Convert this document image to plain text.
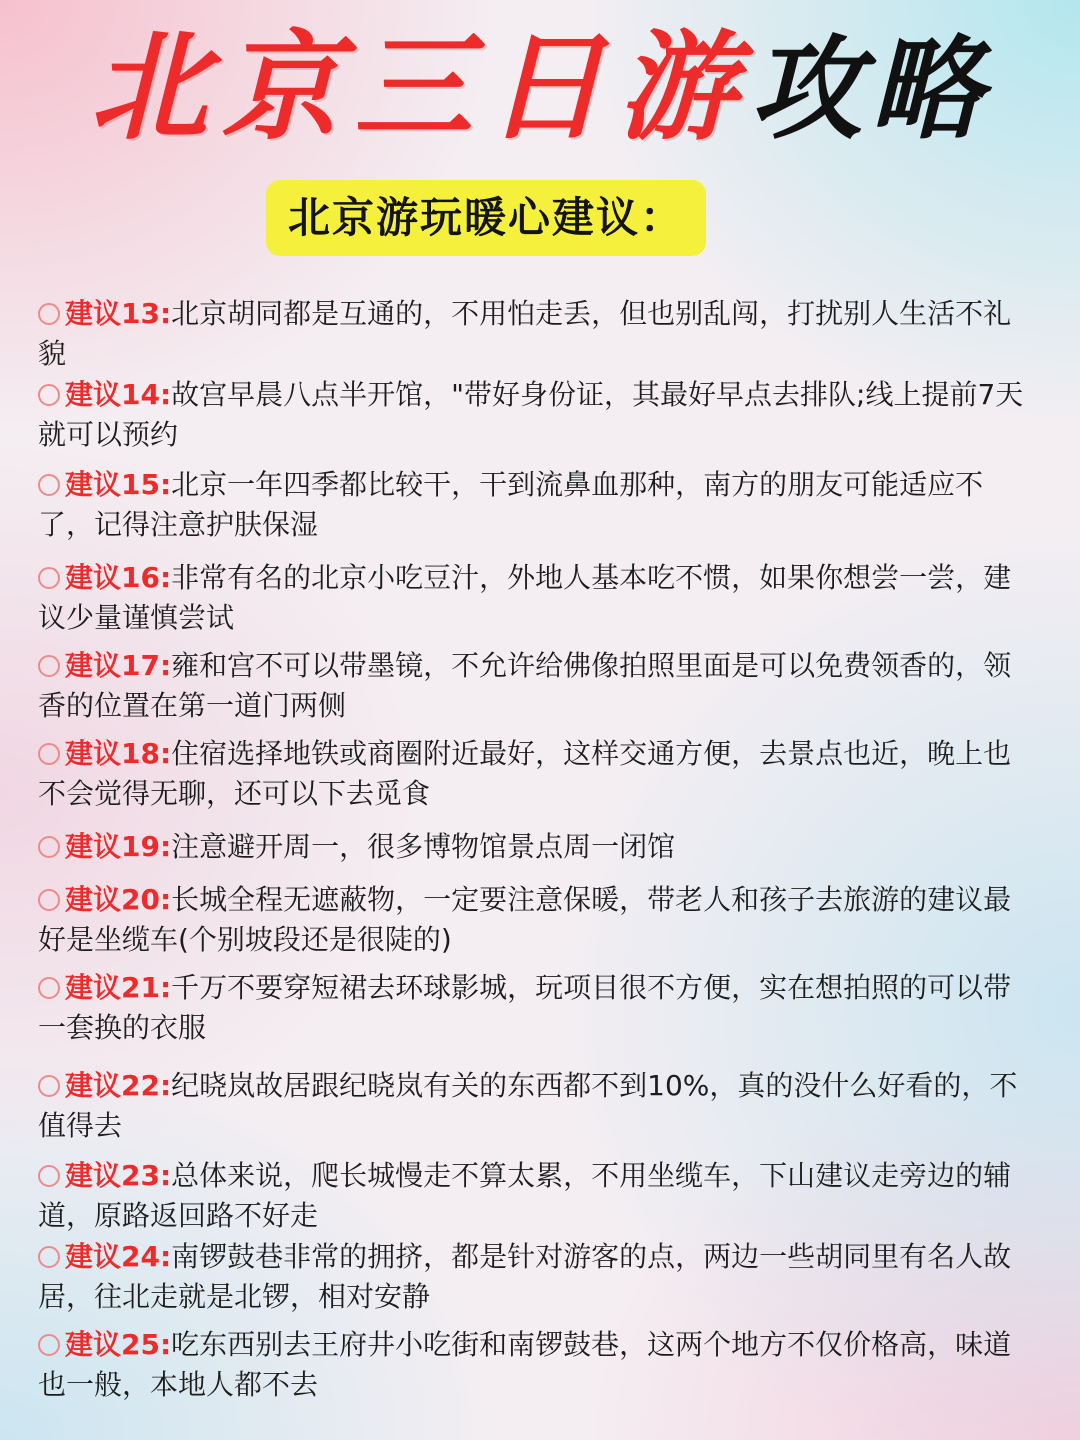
北京三日游攻略
北京游玩暖心建议：
建议13:北京胡同都是互通的，不用怕走丢，但也别乱闯，打扰别人生活不礼貌
建议14:故宫早晨八点半开馆，"带好身份证，其最好早点去排队;线上提前7天就可以预约
建议15:北京一年四季都比较干，干到流鼻血那种，南方的朋友可能适应不了，记得注意护肤保湿
建议16:非常有名的北京小吃豆汁，外地人基本吃不惯，如果你想尝一尝，建议少量谨慎尝试
建议17:雍和宫不可以带墨镜，不允许给佛像拍照里面是可以免费领香的，领香的位置在第一道门两侧
建议18:住宿选择地铁或商圈附近最好，这样交通方便，去景点也近，晚上也不会觉得无聊，还可以下去觅食
建议19:注意避开周一，很多博物馆景点周一闭馆
建议20:长城全程无遮蔽物，一定要注意保暖，带老人和孩子去旅游的建议最好是坐缆车(个别坡段还是很陡的)
建议21:千万不要穿短裙去环球影城，玩项目很不方便，实在想拍照的可以带一套换的衣服
建议22:纪晓岚故居跟纪晓岚有关的东西都不到10%，真的没什么好看的，不值得去
建议23:总体来说，爬长城慢走不算太累，不用坐缆车，下山建议走旁边的辅道，原路返回路不好走
建议24:南锣鼓巷非常的拥挤，都是针对游客的点，两边一些胡同里有名人故居，往北走就是北锣，相对安静
建议25:吃东西别去王府井小吃街和南锣鼓巷，这两个地方不仅价格高，味道也一般，本地人都不去
